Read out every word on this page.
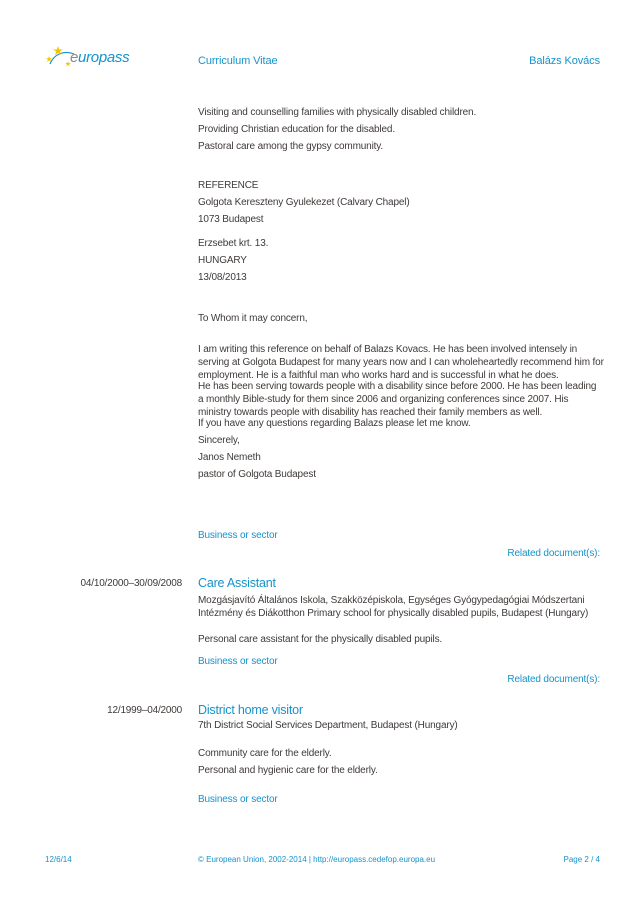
europass	Curriculum Vitae	Balázs Kovács
Visiting and counselling families with physically disabled children.
Providing Christian education for the disabled.
Pastoral care among the gypsy community.
REFERENCE
Golgota Kereszteny Gyulekezet (Calvary Chapel)
1073 Budapest
Erzsebet krt. 13.
HUNGARY
13/08/2013
To Whom it may concern,
I am writing this reference on behalf of Balazs Kovacs. He has been involved intensely in serving at Golgota Budapest for many years now and I can wholeheartedly recommend him for employment. He is a faithful man who works hard and is successful in what he does.
He has been serving towards people with a disability since before 2000. He has been leading a monthly Bible-study for them since 2006 and organizing conferences since 2007. His ministry towards people with disability has reached their family members as well.
If you have any questions regarding Balazs please let me know.
Sincerely,
Janos Nemeth
pastor of Golgota Budapest
Business or sector
Related document(s):
04/10/2000–30/09/2008 Care Assistant
Mozgásjavító Általános Iskola, Szakközépiskola, Egységes Gyógypedagógiai Módszertani Intézmény és Diákotthon Primary school for physically disabled pupils, Budapest (Hungary)
Personal care assistant for the physically disabled pupils.
Business or sector
Related document(s):
12/1999–04/2000 District home visitor
7th District Social Services Department, Budapest (Hungary)
Community care for the elderly.
Personal and hygienic care for the elderly.
Business or sector
12/6/14	© European Union, 2002-2014 | http://europass.cedefop.europa.eu	Page 2 / 4
